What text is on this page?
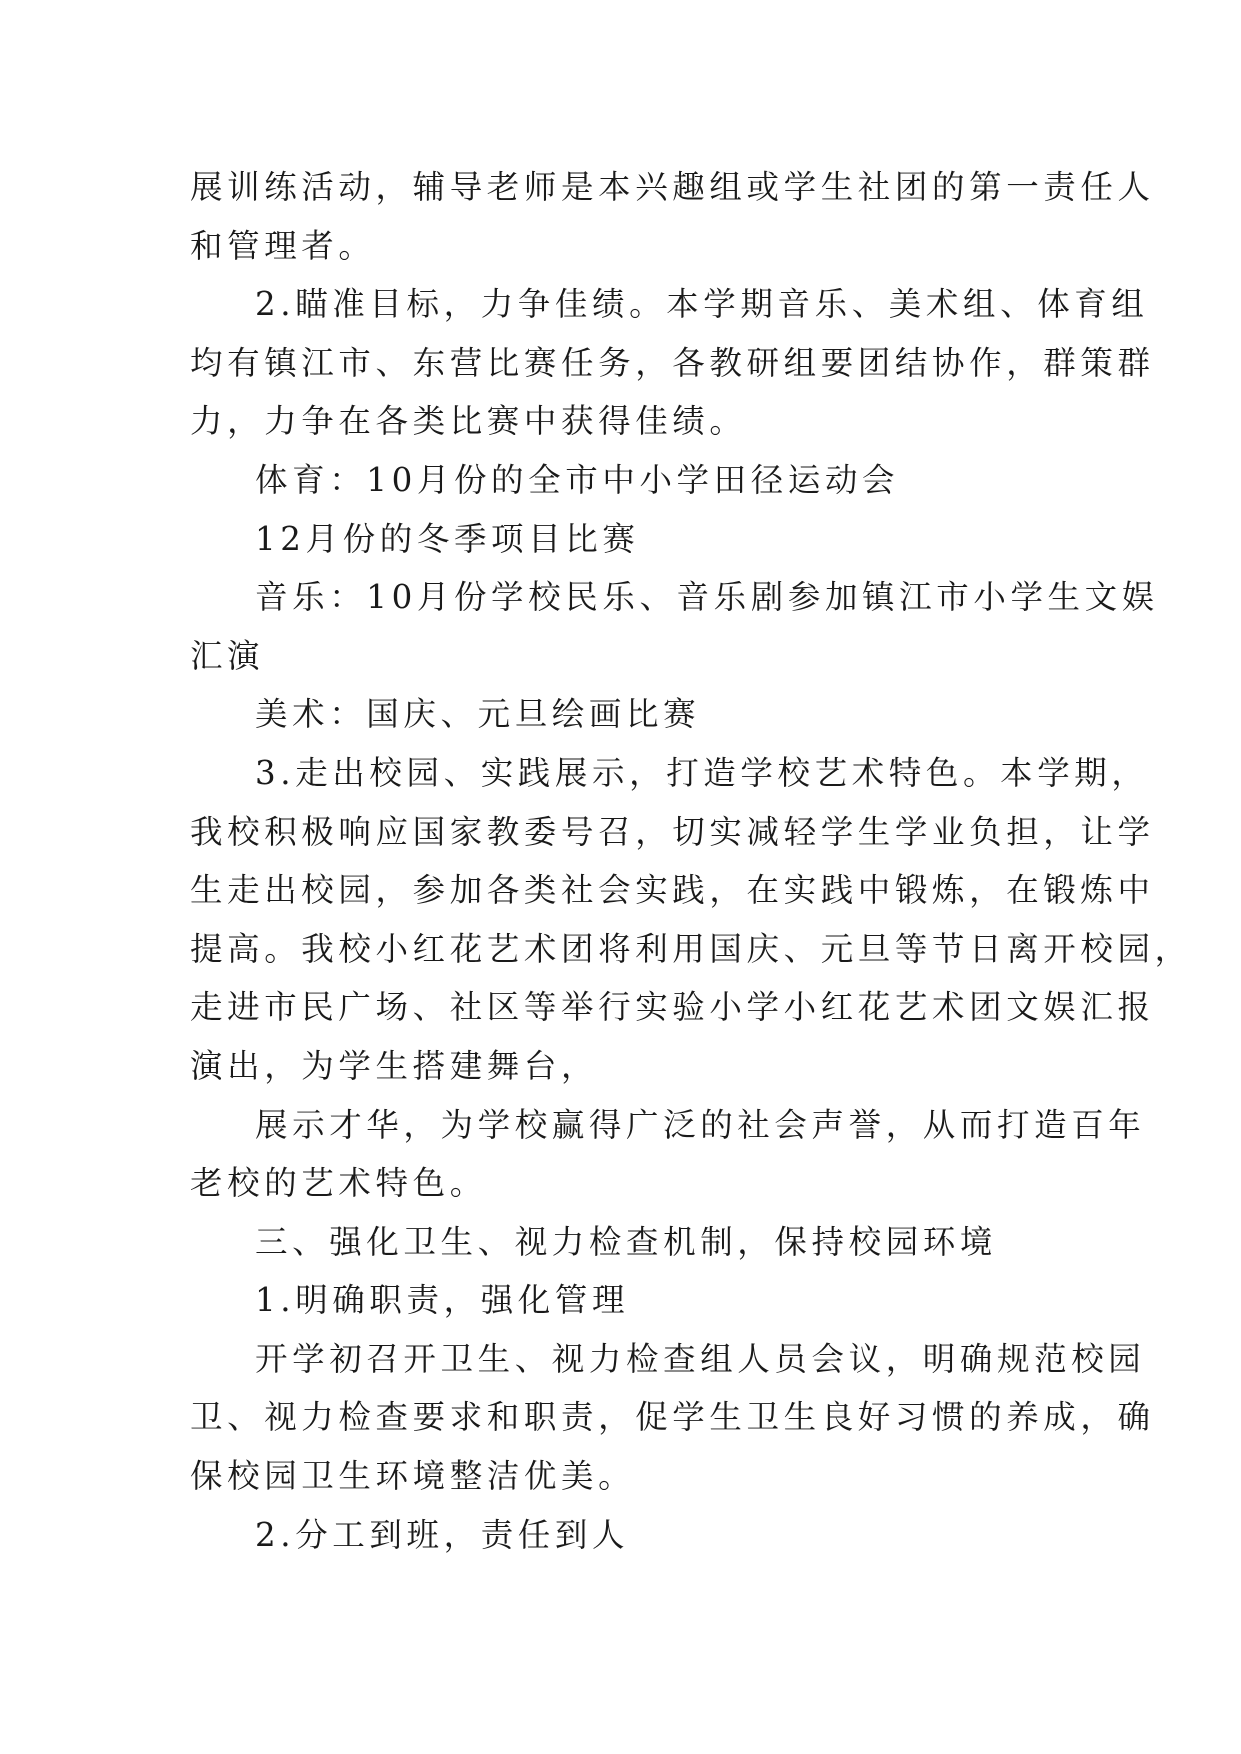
展训练活动，辅导老师是本兴趣组或学生社团的第一责任人
和管理者。
2.瞄准目标，力争佳绩。本学期音乐、美术组、体育组
均有镇江市、东营比赛任务，各教研组要团结协作，群策群
力，力争在各类比赛中获得佳绩。
体育：10月份的全市中小学田径运动会
12月份的冬季项目比赛
音乐：10月份学校民乐、音乐剧参加镇江市小学生文娱
汇演
美术：国庆、元旦绘画比赛
3.走出校园、实践展示，打造学校艺术特色。本学期，
我校积极响应国家教委号召，切实减轻学生学业负担，让学
生走出校园，参加各类社会实践，在实践中锻炼，在锻炼中
提高。我校小红花艺术团将利用国庆、元旦等节日离开校园，
走进市民广场、社区等举行实验小学小红花艺术团文娱汇报
演出，为学生搭建舞台，
展示才华，为学校赢得广泛的社会声誉，从而打造百年
老校的艺术特色。
三、强化卫生、视力检查机制，保持校园环境
1.明确职责，强化管理
开学初召开卫生、视力检查组人员会议，明确规范校园
卫、视力检查要求和职责，促学生卫生良好习惯的养成，确
保校园卫生环境整洁优美。
2.分工到班，责任到人
